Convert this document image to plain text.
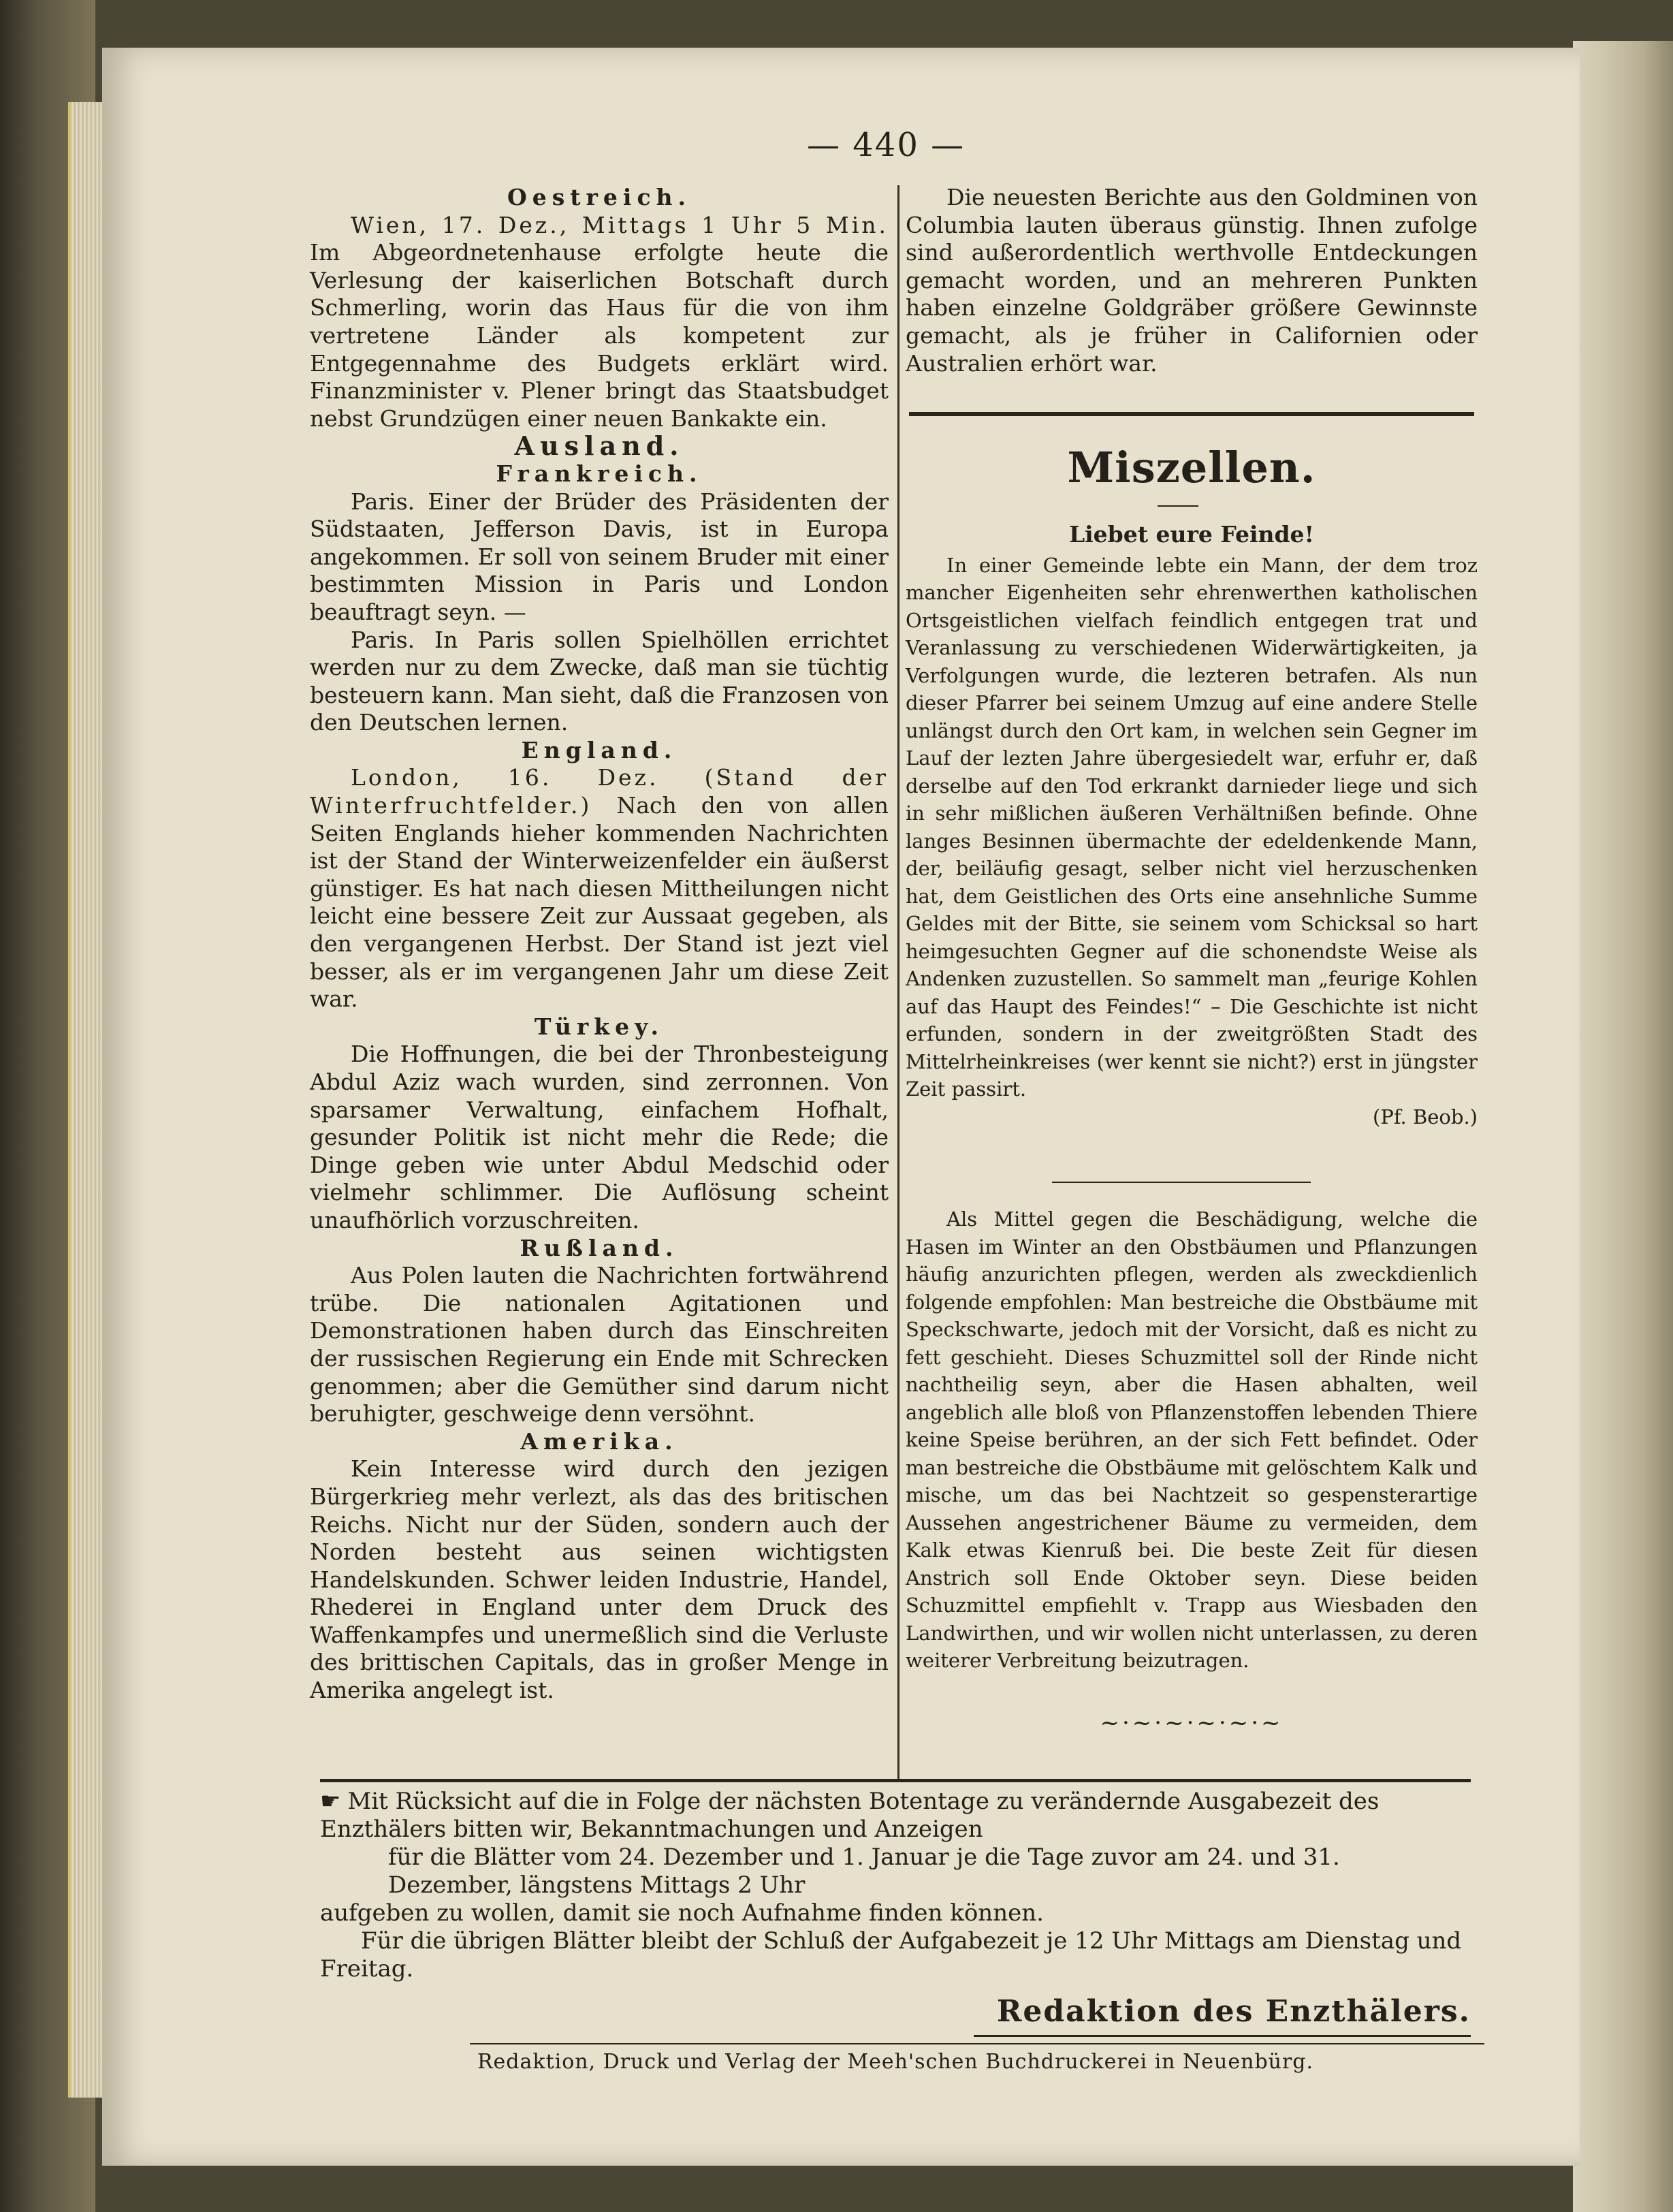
— 440 —

Oestreich.

Wien, 17. Dez., Mittags 1 Uhr 5 Min. Im Abgeordnetenhause erfolgte heute die Verlesung der kaiserlichen Botschaft durch Schmerling, worin das Haus für die von ihm vertretene Länder als kompetent zur Entgegennahme des Budgets erklärt wird. Finanzminister v. Plener bringt das Staatsbudget nebst Grundzügen einer neuen Bankakte ein.

Ausland.

Frankreich.

Paris. Einer der Brüder des Präsidenten der Südstaaten, Jefferson Davis, ist in Europa angekommen. Er soll von seinem Bruder mit einer bestimmten Mission in Paris und London beauftragt seyn. —

Paris. In Paris sollen Spielhöllen errichtet werden nur zu dem Zwecke, daß man sie tüchtig besteuern kann. Man sieht, daß die Franzosen von den Deutschen lernen.

England.

London, 16. Dez. (Stand der Winterfruchtfelder.) Nach den von allen Seiten Englands hieher kommenden Nachrichten ist der Stand der Winterweizenfelder ein äußerst günstiger. Es hat nach diesen Mittheilungen nicht leicht eine bessere Zeit zur Aussaat gegeben, als den vergangenen Herbst. Der Stand ist jezt viel besser, als er im vergangenen Jahr um diese Zeit war.

Türkey.

Die Hoffnungen, die bei der Thronbesteigung Abdul Aziz wach wurden, sind zerronnen. Von sparsamer Verwaltung, einfachem Hofhalt, gesunder Politik ist nicht mehr die Rede; die Dinge geben wie unter Abdul Medschid oder vielmehr schlimmer. Die Auflösung scheint unaufhörlich vorzuschreiten.

Rußland.

Aus Polen lauten die Nachrichten fortwährend trübe. Die nationalen Agitationen und Demonstrationen haben durch das Einschreiten der russischen Regierung ein Ende mit Schrecken genommen; aber die Gemüther sind darum nicht beruhigter, geschweige denn versöhnt.

Amerika.

Kein Interesse wird durch den jezigen Bürgerkrieg mehr verlezt, als das des britischen Reichs. Nicht nur der Süden, sondern auch der Norden besteht aus seinen wichtigsten Handelskunden. Schwer leiden Industrie, Handel, Rhederei in England unter dem Druck des Waffenkampfes und unermeßlich sind die Verluste des brittischen Capitals, das in großer Menge in Amerika angelegt ist.

Die neuesten Berichte aus den Goldminen von Columbia lauten überaus günstig. Ihnen zufolge sind außerordentlich werthvolle Entdeckungen gemacht worden, und an mehreren Punkten haben einzelne Goldgräber größere Gewinnste gemacht, als je früher in Californien oder Australien erhört war.

Miszellen.

Liebet eure Feinde!

In einer Gemeinde lebte ein Mann, der dem troz mancher Eigenheiten sehr ehrenwerthen katholischen Ortsgeistlichen vielfach feindlich entgegen trat und Veranlassung zu verschiedenen Widerwärtigkeiten, ja Verfolgungen wurde, die lezteren betrafen. Als nun dieser Pfarrer bei seinem Umzug auf eine andere Stelle unlängst durch den Ort kam, in welchen sein Gegner im Lauf der lezten Jahre übergesiedelt war, erfuhr er, daß derselbe auf den Tod erkrankt darnieder liege und sich in sehr mißlichen äußeren Verhältnißen befinde. Ohne langes Besinnen übermachte der edeldenkende Mann, der, beiläufig gesagt, selber nicht viel herzuschenken hat, dem Geistlichen des Orts eine ansehnliche Summe Geldes mit der Bitte, sie seinem vom Schicksal so hart heimgesuchten Gegner auf die schonendste Weise als Andenken zuzustellen. So sammelt man „feurige Kohlen auf das Haupt des Feindes!“ – Die Geschichte ist nicht erfunden, sondern in der zweitgrößten Stadt des Mittelrheinkreises (wer kennt sie nicht?) erst in jüngster Zeit passirt.

(Pf. Beob.)

Als Mittel gegen die Beschädigung, welche die Hasen im Winter an den Obstbäumen und Pflanzungen häufig anzurichten pflegen, werden als zweckdienlich folgende empfohlen: Man bestreiche die Obstbäume mit Speckschwarte, jedoch mit der Vorsicht, daß es nicht zu fett geschieht. Dieses Schuzmittel soll der Rinde nicht nachtheilig seyn, aber die Hasen abhalten, weil angeblich alle bloß von Pflanzenstoffen lebenden Thiere keine Speise berühren, an der sich Fett befindet. Oder man bestreiche die Obstbäume mit gelöschtem Kalk und mische, um das bei Nachtzeit so gespensterartige Aussehen angestrichener Bäume zu vermeiden, dem Kalk etwas Kienruß bei. Die beste Zeit für diesen Anstrich soll Ende Oktober seyn. Diese beiden Schuzmittel empfiehlt v. Trapp aus Wiesbaden den Landwirthen, und wir wollen nicht unterlassen, zu deren weiterer Verbreitung beizutragen.

~·~·~·~·~·~

☛ Mit Rücksicht auf die in Folge der nächsten Botentage zu verändernde Ausgabezeit des Enzthälers bitten wir, Bekanntmachungen und Anzeigen

für die Blätter vom 24. Dezember und 1. Januar je die Tage zuvor am 24. und 31. Dezember, längstens Mittags 2 Uhr

aufgeben zu wollen, damit sie noch Aufnahme finden können.

Für die übrigen Blätter bleibt der Schluß der Aufgabezeit je 12 Uhr Mittags am Dienstag und Freitag.

Redaktion des Enzthälers.
Redaktion, Druck und Verlag der Meeh'schen Buchdruckerei in Neuenbürg.
